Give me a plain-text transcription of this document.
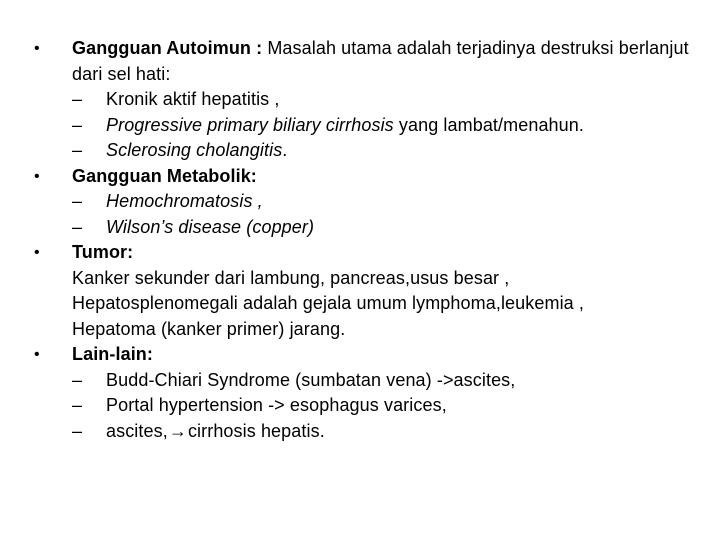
•	Gangguan Autoimun : Masalah utama adalah terjadinya destruksi berlanjut dari sel hati:
– Kronik aktif hepatitis ,
– Progressive primary biliary cirrhosis yang lambat/menahun.
– Sclerosing cholangitis.
•	Gangguan Metabolik:
– Hemochromatosis ,
– Wilson’s disease (copper)
•	Tumor:
Kanker sekunder dari lambung, pancreas,usus besar ,
Hepatosplenomegali adalah gejala umum lymphoma,leukemia ,
Hepatoma (kanker primer) jarang.
•	Lain-lain:
– Budd-Chiari Syndrome (sumbatan vena) ->ascites,
– Portal hypertension -> esophagus varices,
– ascites,→cirrhosis hepatis.
